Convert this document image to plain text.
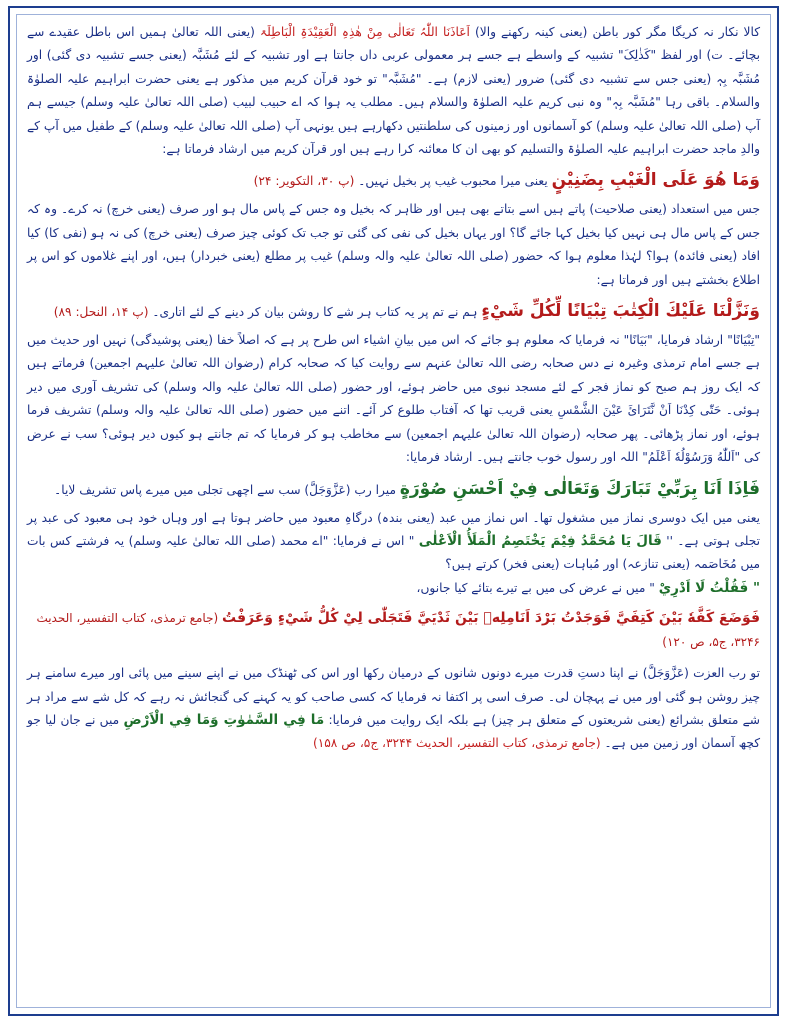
کالا نکار نہ کریگا مگر کور باطن (یعنی کینہ رکھنے والا) اَعَاذَنَا اللّٰہُ تَعَالٰی مِنْ ھٰذِہِ الْعَقِیْدَۃِ الْبَاطِلَۃ (یعنی اللہ تعالیٰ ہمیں اس باطل عقیدے سے بچائے۔ ت) اور لفظ "کَذٰلِکَ" تشبیہ کے واسطے ہے جسے ہر معمولی عربی داں جانتا ہے اور تشبیہ کے لئے مُشَبَّہ (یعنی جسے تشبیہ دی گئی) اور مُشَبَّہ بِہٖ (یعنی جس سے تشبیہ دی گئی) ضرور (یعنی لازم) ہے۔ "مُشَبَّہ" تو خود قرآن کریم میں مذکور ہے یعنی حضرت ابراہیم علیہ الصلوٰۃ والسلام۔ باقی رہا "مُشَبَّہ بِہٖ" وہ نبی کریم علیہ الصلوٰۃ والسلام ہیں۔ مطلب یہ ہوا کہ اے حبیب لبیب (صلی اللہ تعالیٰ علیہ وسلم) جیسے ہم آپ (صلی اللہ تعالیٰ علیہ وسلم) کو آسمانوں اور زمینوں کی سلطنتیں دکھارہے ہیں یونہی آپ (صلی اللہ تعالیٰ علیہ وسلم) کے طفیل میں آپ کے والدِ ماجد حضرت ابراہیم علیہ الصلوٰۃ والتسلیم کو بھی ان کا معائنہ کرا رہے ہیں اور قرآن کریم میں ارشاد فرماتا ہے:

وَمَا هُوَ عَلَى الْغَيْبِ بِضَنِيْنٍ یعنی میرا محبوب غیب پر بخیل نہیں۔ (پ ۳۰، التکویر: ۲۴)

جس میں استعداد (یعنی صلاحیت) پاتے ہیں اسے بتاتے بھی ہیں اور ظاہر کہ بخیل وہ جس کے پاس مال ہو اور صرف (یعنی خرچ) نہ کرے۔ وہ کہ جس کے پاس مال ہی نہیں کیا بخیل کہا جائے گا؟ اور یہاں بخیل کی نفی کی گئی تو جب تک کوئی چیز صرف (یعنی خرچ) کی نہ ہو (نفی کا) کیا افاد (یعنی فائدہ) ہوا؟ لہٰذا معلوم ہوا کہ حضور (صلی اللہ تعالیٰ علیہ والہ وسلم) غیب پر مطلع (یعنی خبردار) ہیں، اور اپنے غلاموں کو اس پر اطلاع بخشتے ہیں اور فرماتا ہے:

وَنَزَّلْنَا عَلَيْكَ الْكِتٰبَ تِبْيَانًا لِّكُلِّ شَيْءٍ ہم نے تم پر یہ کتاب ہر شے کا روشن بیان کر دینے کے لئے اتاری۔ (پ ۱۴، النحل: ۸۹)

"تِبْيَانًا" ارشاد فرمایا، "بَيَانًا" نہ فرمایا کہ معلوم ہو جائے کہ اس میں بیانِ اشیاء اس طرح پر ہے کہ اصلاً خفا (یعنی پوشیدگی) نہیں اور حدیث میں ہے جسے امام ترمذی وغیرہ نے دس صحابہ رضی اللہ تعالیٰ عنہم سے روایت کیا کہ صحابہ کرام (رضوان اللہ تعالیٰ علیہم اجمعین) فرماتے ہیں کہ ایک روز ہم صبح کو نماز فجر کے لئے مسجد نبوی میں حاضر ہوئے، اور حضور (صلی اللہ تعالیٰ علیہ والہ وسلم) کی تشریف آوری میں دیر ہوئی۔ حَتّٰی كِدْنَا اَنْ نَّتَرَائَ عَيْنَ الشَّمْسِ یعنی قریب تھا کہ آفتاب طلوع کر آئے۔ اتنے میں حضور (صلی اللہ تعالیٰ علیہ والہ وسلم) تشریف فرما ہوئے، اور نماز پڑھائی۔ پھر صحابہ (رضوان اللہ تعالیٰ علیہم اجمعین) سے مخاطب ہو کر فرمایا کہ تم جانتے ہو کیوں دیر ہوئی؟ سب نے عرض کی "اَللّٰهُ وَرَسُوْلُهٗ اَعْلَمُ" اللہ اور رسول خوب جانتے ہیں۔ ارشاد فرمایا:

فَاِذَا اَنَا بِرَبِّيْ تَبَارَكَ وَتَعَالٰى فِيْ اَحْسَنِ صُوْرَةٍ میرا رب (عَزَّوَجَلَّ) سب سے اچھی تجلی میں میرے پاس تشریف لایا۔

یعنی میں ایک دوسری نماز میں مشغول تھا۔ اس نماز میں عبد (یعنی بندہ) درگاہِ معبود میں حاضر ہوتا ہے اور وہاں خود ہی معبود کی عبد پر تجلی ہوتی ہے۔ '' قَالَ يَا مُحَمَّدُ فِيْمَ يَخْتَصِمُ الْمَلَأُ الْاَعْلٰى " اس نے فرمایا: "اے محمد (صلی اللہ تعالیٰ علیہ وسلم) یہ فرشتے کس بات میں مُخَاصَمہ (یعنی تنازعہ) اور مُباہات (یعنی فخر) کرتے ہیں؟
" فَقُلْتُ لَا اَدْرِيْ " میں نے عرض کی میں بے تیرے بتائے کیا جانوں،

فَوَضَعَ كَفَّهٗ بَيْنَ كَتِفَيَّ فَوَجَدْتُ بَرْدَ اَنَامِلِهٖ بَيْنَ ثَدْيَيَّ فَتَجَلّٰى لِيْ كُلُّ شَيْءٍ وَعَرَفْتُ (جامع ترمذی، کتاب التفسیر، الحدیث ۳۲۴۶، ج۵، ص ۱۲۰)

تو رب العزت (عَزَّوَجَلَّ) نے اپنا دستِ قدرت میرے دونوں شانوں کے درمیان رکھا اور اس کی ٹھنڈک میں نے اپنے سینے میں پائی اور میرے سامنے ہر چیز روشن ہو گئی اور میں نے پہچان لی۔ صرف اسی پر اکتفا نہ فرمایا کہ کسی صاحب کو یہ کہنے کی گنجائش نہ رہے کہ کل شے سے مراد ہر شے متعلق بشرائع (یعنی شریعتوں کے متعلق ہر چیز) ہے بلکہ ایک روایت میں فرمایا: مَا فِي السَّمٰوٰتِ وَمَا فِي الْاَرْضِ میں نے جان لیا جو کچھ آسمان اور زمین میں ہے۔ (جامع ترمذی، کتاب التفسیر، الحدیث ۳۲۴۴، ج۵، ص ۱۵۸)
